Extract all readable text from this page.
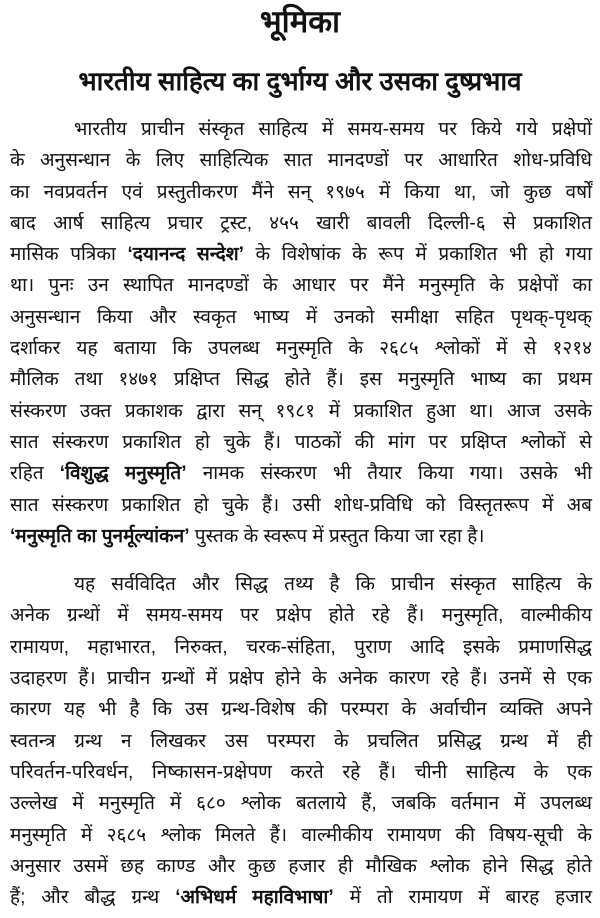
भूमिका
भारतीय साहित्य का दुर्भाग्य और उसका दुष्प्रभाव
भारतीय प्राचीन संस्कृत साहित्य में समय-समय पर किये गये प्रक्षेपों
के अनुसन्धान के लिए साहित्यिक सात मानदण्डों पर आधारित शोध-प्रविधि
का नवप्रवर्तन एवं प्रस्तुतीकरण मैंने सन् १९७५ में किया था, जो कुछ वर्षों
बाद आर्ष साहित्य प्रचार ट्रस्ट, ४५५ खारी बावली दिल्ली-६ से प्रकाशित
मासिक पत्रिका ‘दयानन्द सन्देश’ के विशेषांक के रूप में प्रकाशित भी हो गया
था। पुनः उन स्थापित मानदण्डों के आधार पर मैंने मनुस्मृति के प्रक्षेपों का
अनुसन्धान किया और स्वकृत भाष्य में उनको समीक्षा सहित पृथक्-पृथक्
दर्शाकर यह बताया कि उपलब्ध मनुस्मृति के २६८५ श्लोकों में से १२१४
मौलिक तथा १४७१ प्रक्षिप्त सिद्ध होते हैं। इस मनुस्मृति भाष्य का प्रथम
संस्करण उक्त प्रकाशक द्वारा सन् १९८१ में प्रकाशित हुआ था। आज उसके
सात संस्करण प्रकाशित हो चुके हैं। पाठकों की मांग पर प्रक्षिप्त श्लोकों से
रहित ‘विशुद्ध मनुस्मृति’ नामक संस्करण भी तैयार किया गया। उसके भी
सात संस्करण प्रकाशित हो चुके हैं। उसी शोध-प्रविधि को विस्तृतरूप में अब
‘मनुस्मृति का पुनर्मूल्यांकन’ पुस्तक के स्वरूप में प्रस्तुत किया जा रहा है।
यह सर्वविदित और सिद्ध तथ्य है कि प्राचीन संस्कृत साहित्य के
अनेक ग्रन्थों में समय-समय पर प्रक्षेप होते रहे हैं। मनुस्मृति, वाल्मीकीय
रामायण, महाभारत, निरुक्त, चरक-संहिता, पुराण आदि इसके प्रमाणसिद्ध
उदाहरण हैं। प्राचीन ग्रन्थों में प्रक्षेप होने के अनेक कारण रहे हैं। उनमें से एक
कारण यह भी है कि उस ग्रन्थ-विशेष की परम्परा के अर्वाचीन व्यक्ति अपने
स्वतन्त्र ग्रन्थ न लिखकर उस परम्परा के प्रचलित प्रसिद्ध ग्रन्थ में ही
परिवर्तन-परिवर्धन, निष्कासन-प्रक्षेपण करते रहे हैं। चीनी साहित्य के एक
उल्लेख में मनुस्मृति में ६८० श्लोक बतलाये हैं, जबकि वर्तमान में उपलब्ध
मनुस्मृति में २६८५ श्लोक मिलते हैं। वाल्मीकीय रामायण की विषय-सूची के
अनुसार उसमें छह काण्ड और कुछ हजार ही मौखिक श्लोक होने सिद्ध होते
हैं; और बौद्ध ग्रन्थ ‘अभिधर्म महाविभाषा’ में तो रामायण में बारह हजार
